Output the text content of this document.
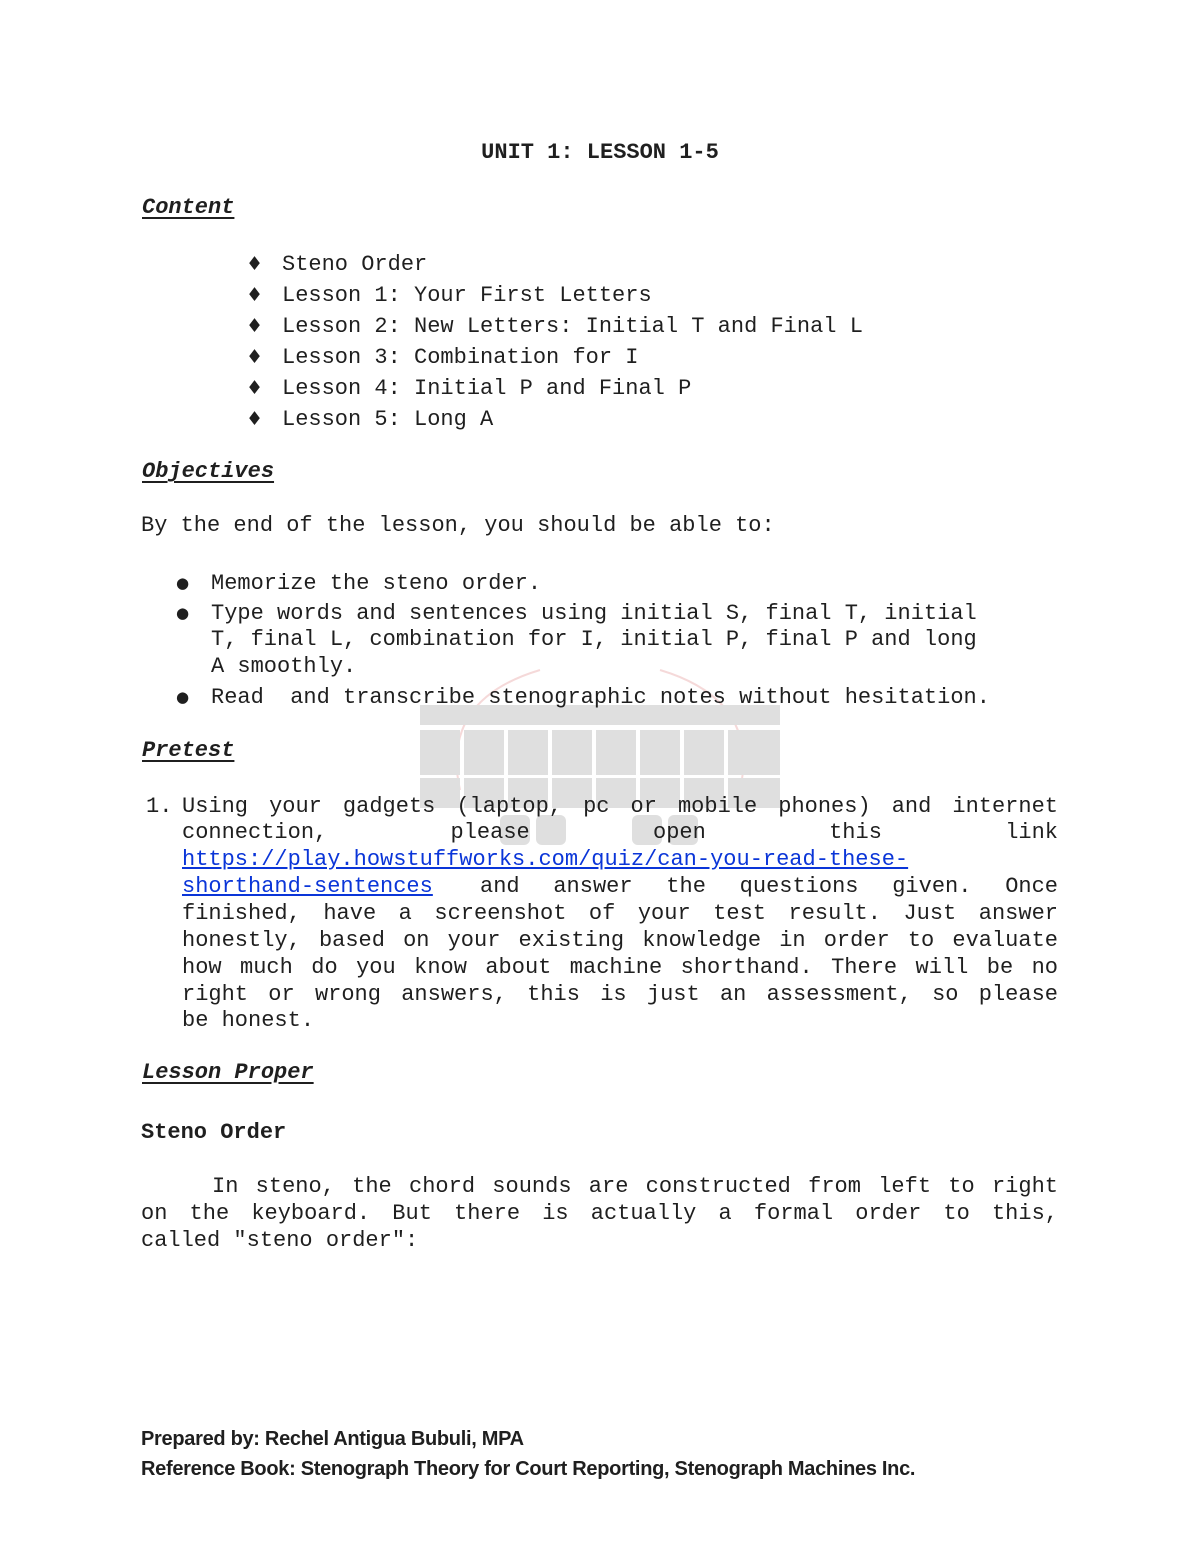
UNIT 1: LESSON 1-5
Content
♦ Steno Order
♦ Lesson 1: Your First Letters
♦ Lesson 2: New Letters: Initial T and Final L
♦ Lesson 3: Combination for I
♦ Lesson 4: Initial P and Final P
♦ Lesson 5: Long A
Objectives
By the end of the lesson, you should be able to:
● Memorize the steno order.
● Type words and sentences using initial S, final T, initial
T, final L, combination for I, initial P, final P and long
A smoothly.
● Read  and transcribe stenographic notes without hesitation.
Pretest
1. Using your gadgets (laptop, pc or mobile phones) and internet
connection, please open this link
https://play.howstuffworks.com/quiz/can-you-read-these-
shorthand-sentences and answer the questions given. Once
finished, have a screenshot of your test result. Just answer
honestly, based on your existing knowledge in order to evaluate
how much do you know about machine shorthand. There will be no
right or wrong answers, this is just an assessment, so please
be honest.
Lesson Proper
Steno Order
In steno, the chord sounds are constructed from left to right
on the keyboard. But there is actually a formal order to this,
called "steno order":
Prepared by: Rechel Antigua Bubuli, MPA
Reference Book: Stenograph Theory for Court Reporting, Stenograph Machines Inc.
